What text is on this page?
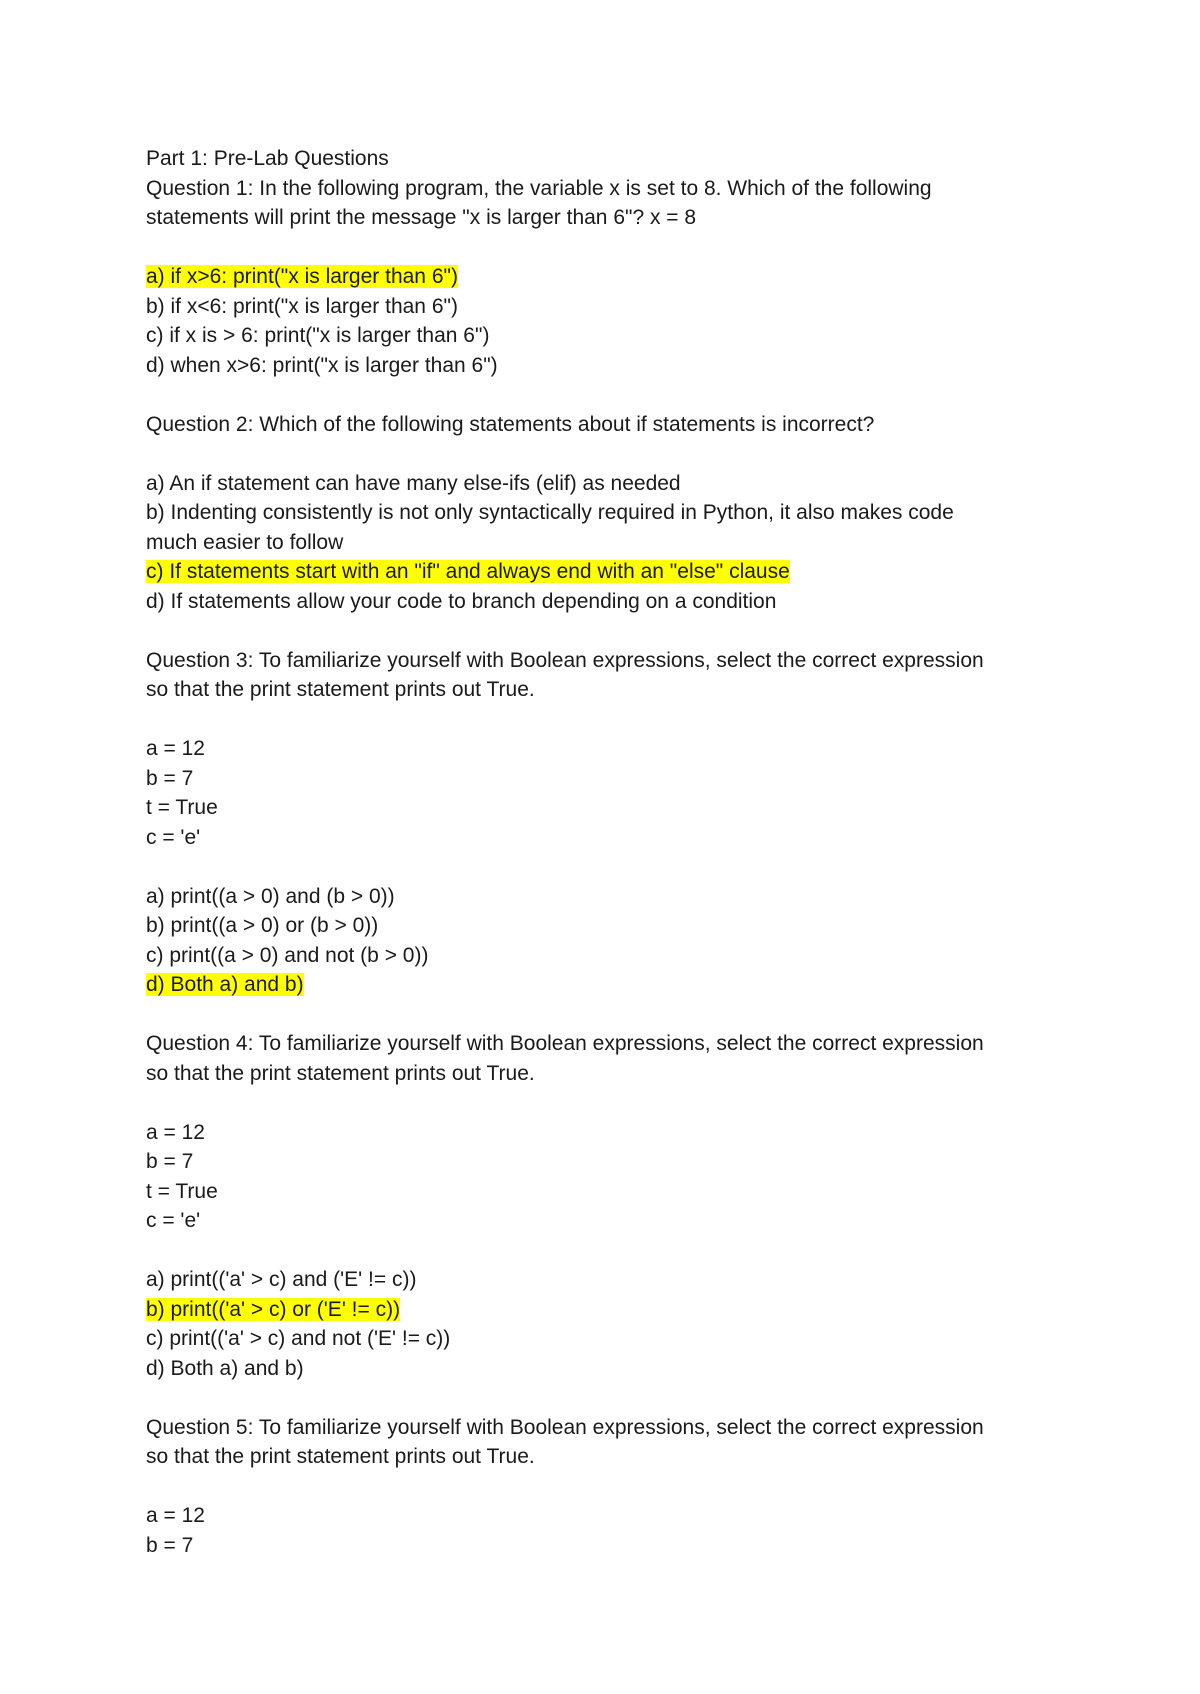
Part 1: Pre-Lab Questions
Question 1: In the following program, the variable x is set to 8. Which of the following
statements will print the message "x is larger than 6"? x = 8
a) if x>6: print("x is larger than 6")
b) if x<6: print("x is larger than 6")
c) if x is > 6: print("x is larger than 6")
d) when x>6: print("x is larger than 6")
Question 2: Which of the following statements about if statements is incorrect?
a) An if statement can have many else-ifs (elif) as needed
b) Indenting consistently is not only syntactically required in Python, it also makes code
much easier to follow
c) If statements start with an "if" and always end with an "else" clause
d) If statements allow your code to branch depending on a condition
Question 3: To familiarize yourself with Boolean expressions, select the correct expression
so that the print statement prints out True.
a = 12
b = 7
t = True
c = 'e'
a) print((a > 0) and (b > 0))
b) print((a > 0) or (b > 0))
c) print((a > 0) and not (b > 0))
d) Both a) and b)
Question 4: To familiarize yourself with Boolean expressions, select the correct expression
so that the print statement prints out True.
a = 12
b = 7
t = True
c = 'e'
a) print(('a' > c) and ('E' != c))
b) print(('a' > c) or ('E' != c))
c) print(('a' > c) and not ('E' != c))
d) Both a) and b)
Question 5: To familiarize yourself with Boolean expressions, select the correct expression
so that the print statement prints out True.
a = 12
b = 7
